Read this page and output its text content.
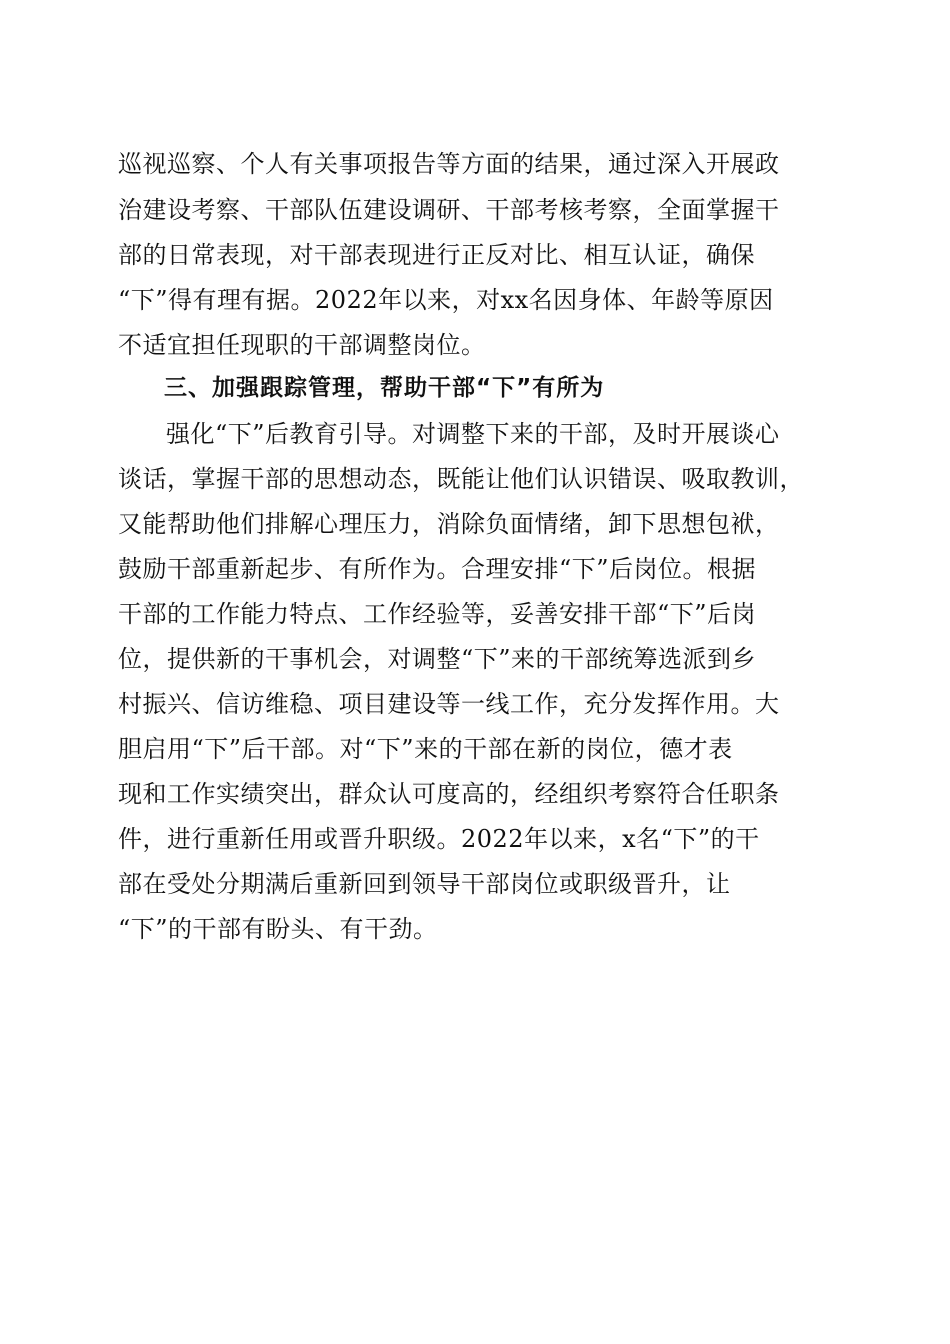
巡视巡察、个人有关事项报告等方面的结果，通过深入开展政
治建设考察、干部队伍建设调研、干部考核考察，全面掌握干
部的日常表现，对干部表现进行正反对比、相互认证，确保
“下”得有理有据。2022年以来，对xx名因身体、年龄等原因
不适宜担任现职的干部调整岗位。
三、加强跟踪管理，帮助干部“下”有所为
强化“下”后教育引导。对调整下来的干部，及时开展谈心
谈话，掌握干部的思想动态，既能让他们认识错误、吸取教训，
又能帮助他们排解心理压力，消除负面情绪，卸下思想包袱，
鼓励干部重新起步、有所作为。合理安排“下”后岗位。根据
干部的工作能力特点、工作经验等，妥善安排干部“下”后岗
位，提供新的干事机会，对调整“下”来的干部统筹选派到乡
村振兴、信访维稳、项目建设等一线工作，充分发挥作用。大
胆启用“下”后干部。对“下”来的干部在新的岗位，德才表
现和工作实绩突出，群众认可度高的，经组织考察符合任职条
件，进行重新任用或晋升职级。2022年以来，x名“下”的干
部在受处分期满后重新回到领导干部岗位或职级晋升，让
“下”的干部有盼头、有干劲。
